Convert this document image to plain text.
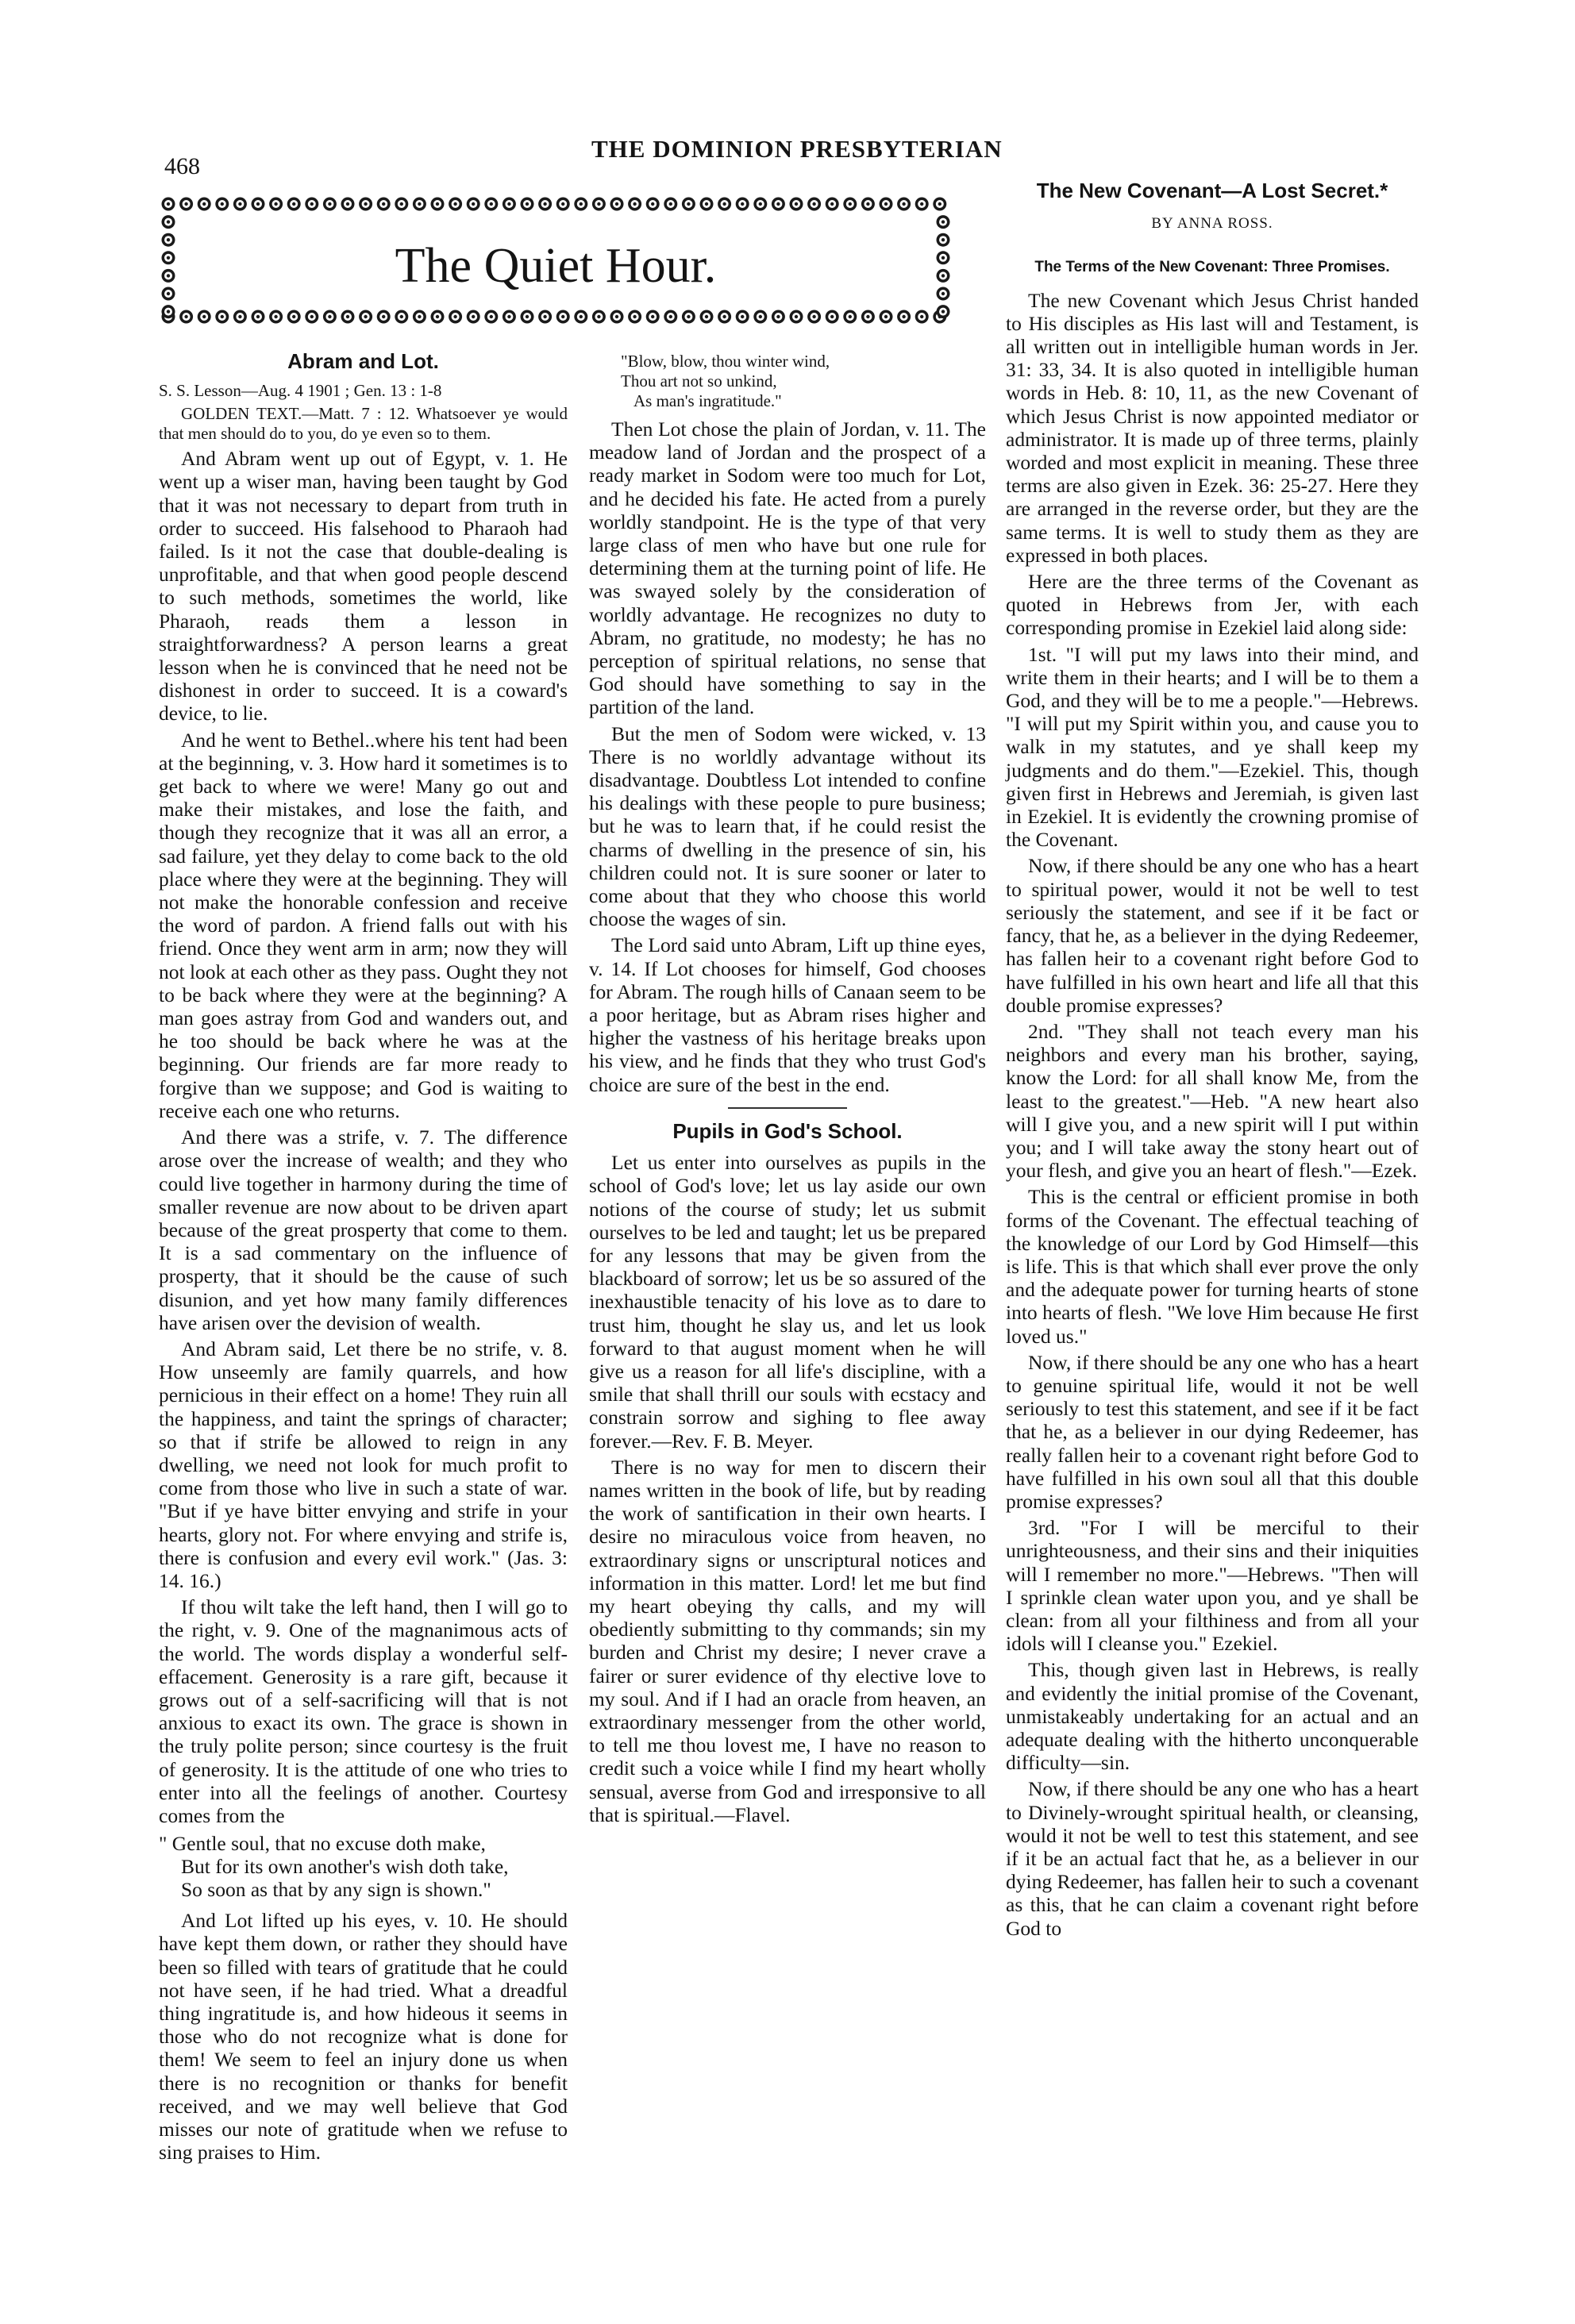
468
THE DOMINION PRESBYTERIAN
The Quiet Hour.
Abram and Lot.
S. S. Lesson—Aug. 4 1901 ; Gen. 13 : 1-8

GOLDEN TEXT.—Matt. 7 : 12. Whatsoever ye would that men should do to you, do ye even so to them.

And Abram went up out of Egypt, v. 1. He went up a wiser man, having been taught by God that it was not necessary to depart from truth in order to succeed. His falsehood to Pharaoh had failed. Is it not the case that double-dealing is unprofitable, and that when good people descend to such methods, sometimes the world, like Pharaoh, reads them a lesson in straightforwardness? A person learns a great lesson when he is convinced that he need not be dishonest in order to succeed. It is a coward's device, to lie.

And he went to Bethel..where his tent had been at the beginning, v. 3. How hard it sometimes is to get back to where we were! Many go out and make their mistakes, and lose the faith, and though they recognize that it was all an error, a sad failure, yet they delay to come back to the old place where they were at the beginning. They will not make the honorable confession and receive the word of pardon. A friend falls out with his friend. Once they went arm in arm; now they will not look at each other as they pass. Ought they not to be back where they were at the beginning? A man goes astray from God and wanders out, and he too should be back where he was at the beginning. Our friends are far more ready to forgive than we suppose; and God is waiting to receive each one who returns.

And there was a strife, v. 7. The difference arose over the increase of wealth; and they who could live together in harmony during the time of smaller revenue are now about to be driven apart because of the great prosperty that come to them. It is a sad commentary on the influence of prosperty, that it should be the cause of such disunion, and yet how many family differences have arisen over the devision of wealth.

And Abram said, Let there be no strife, v. 8. How unseemly are family quarrels, and how pernicious in their effect on a home! They ruin all the happiness, and taint the springs of character; so that if strife be allowed to reign in any dwelling, we need not look for much profit to come from those who live in such a state of war. "But if ye have bitter envying and strife in your hearts, glory not. For where envying and strife is, there is confusion and every evil work." (Jas. 3: 14. 16.)

If thou wilt take the left hand, then I will go to the right, v. 9. One of the magnanimous acts of the world. The words display a wonderful self-effacement. Generosity is a rare gift, because it grows out of a self-sacrificing will that is not anxious to exact its own. The grace is shown in the truly polite person; since courtesy is the fruit of generosity. It is the attitude of one who tries to enter into all the feelings of another. Courtesy comes from the

" Gentle soul, that no excuse doth make,
But for its own another's wish doth take,
So soon as that by any sign is shown."

And Lot lifted up his eyes, v. 10. He should have kept them down, or rather they should have been so filled with tears of gratitude that he could not have seen, if he had tried. What a dreadful thing ingratitude is, and how hideous it seems in those who do not recognize what is done for them! We seem to feel an injury done us when there is no recognition or thanks for benefit received, and we may well believe that God misses our note of gratitude when we refuse to sing praises to Him.

"Blow, blow, thou winter wind,
Thou art not so unkind,
As man's ingratitude."

Then Lot chose the plain of Jordan, v. 11. The meadow land of Jordan and the prospect of a ready market in Sodom were too much for Lot, and he decided his fate. He acted from a purely worldly standpoint. He is the type of that very large class of men who have but one rule for determining them at the turning point of life. He was swayed solely by the consideration of worldly advantage. He recognizes no duty to Abram, no gratitude, no modesty; he has no perception of spiritual relations, no sense that God should have something to say in the partition of the land.

But the men of Sodom were wicked, v. 13 There is no worldly advantage without its disadvantage. Doubtless Lot intended to confine his dealings with these people to pure business; but he was to learn that, if he could resist the charms of dwelling in the presence of sin, his children could not. It is sure sooner or later to come about that they who choose this world choose the wages of sin.

The Lord said unto Abram, Lift up thine eyes, v. 14. If Lot chooses for himself, God chooses for Abram. The rough hills of Canaan seem to be a poor heritage, but as Abram rises higher and higher the vastness of his heritage breaks upon his view, and he finds that they who trust God's choice are sure of the best in the end.

Pupils in God's School.

Let us enter into ourselves as pupils in the school of God's love; let us lay aside our own notions of the course of study; let us submit ourselves to be led and taught; let us be prepared for any lessons that may be given from the blackboard of sorrow; let us be so assured of the inexhaustible tenacity of his love as to dare to trust him, thought he slay us, and let us look forward to that august moment when he will give us a reason for all life's discipline, with a smile that shall thrill our souls with ecstacy and constrain sorrow and sighing to flee away forever.—Rev. F. B. Meyer.

There is no way for men to discern their names written in the book of life, but by reading the work of santification in their own hearts. I desire no miraculous voice from heaven, no extraordinary signs or unscriptural notices and information in this matter. Lord! let me but find my heart obeying thy calls, and my will obediently submitting to thy commands; sin my burden and Christ my desire; I never crave a fairer or surer evidence of thy elective love to my soul. And if I had an oracle from heaven, an extraordinary messenger from the other world, to tell me thou lovest me, I have no reason to credit such a voice while I find my heart wholly sensual, averse from God and irresponsive to all that is spiritual.—Flavel.

The New Covenant—A Lost Secret.*
BY ANNA ROSS.
The Terms of the New Covenant: Three Promises.

The new Covenant which Jesus Christ handed to His disciples as His last will and Testament, is all written out in intelligible human words in Jer. 31: 33, 34. It is also quoted in intelligible human words in Heb. 8: 10, 11, as the new Covenant of which Jesus Christ is now appointed mediator or administrator. It is made up of three terms, plainly worded and most explicit in meaning. These three terms are also given in Ezek. 36: 25-27. Here they are arranged in the reverse order, but they are the same terms. It is well to study them as they are expressed in both places.

Here are the three terms of the Covenant as quoted in Hebrews from Jer, with each corresponding promise in Ezekiel laid along side:

1st. "I will put my laws into their mind, and write them in their hearts; and I will be to them a God, and they will be to me a people."—Hebrews. "I will put my Spirit within you, and cause you to walk in my statutes, and ye shall keep my judgments and do them."—Ezekiel. This, though given first in Hebrews and Jeremiah, is given last in Ezekiel. It is evidently the crowning promise of the Covenant.

Now, if there should be any one who has a heart to spiritual power, would it not be well to test seriously the statement, and see if it be fact or fancy, that he, as a believer in the dying Redeemer, has fallen heir to a covenant right before God to have fulfilled in his own heart and life all that this double promise expresses?

2nd. "They shall not teach every man his neighbors and every man his brother, saying, know the Lord: for all shall know Me, from the least to the greatest."—Heb. "A new heart also will I give you, and a new spirit will I put within you; and I will take away the stony heart out of your flesh, and give you an heart of flesh."—Ezek.

This is the central or efficient promise in both forms of the Covenant. The effectual teaching of the knowledge of our Lord by God Himself—this is life. This is that which shall ever prove the only and the adequate power for turning hearts of stone into hearts of flesh. "We love Him because He first loved us."

Now, if there should be any one who has a heart to genuine spiritual life, would it not be well seriously to test this statement, and see if it be fact that he, as a believer in our dying Redeemer, has really fallen heir to a covenant right before God to have fulfilled in his own soul all that this double promise expresses?

3rd. "For I will be merciful to their unrighteousness, and their sins and their iniquities will I remember no more."—Hebrews. "Then will I sprinkle clean water upon you, and ye shall be clean: from all your filthiness and from all your idols will I cleanse you." Ezekiel.

This, though given last in Hebrews, is really and evidently the initial promise of the Covenant, unmistakeably undertaking for an actual and an adequate dealing with the hitherto unconquerable difficulty—sin.

Now, if there should be any one who has a heart to Divinely-wrought spiritual health, or cleansing, would it not be well to test this statement, and see if it be an actual fact that he, as a believer in our dying Redeemer, has fallen heir to such a covenant as this, that he can claim a covenant right before God to
